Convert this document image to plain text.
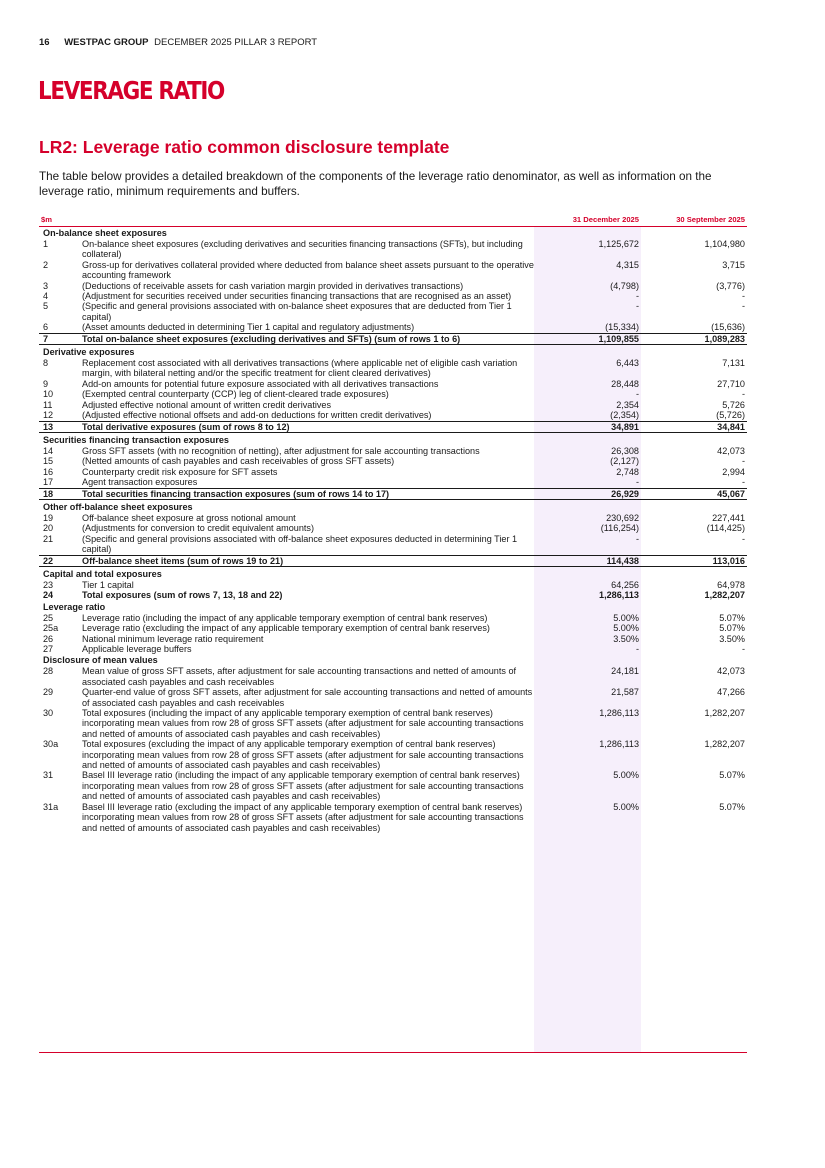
16 WESTPAC GROUP DECEMBER 2025 PILLAR 3 REPORT
LEVERAGE RATIO
LR2: Leverage ratio common disclosure template
The table below provides a detailed breakdown of the components of the leverage ratio denominator, as well as information on the leverage ratio, minimum requirements and buffers.
$m	31 December 2025	30 September 2025
On-balance sheet exposures
1	On-balance sheet exposures (excluding derivatives and securities financing transactions (SFTs), but including collateral)
1,125,672	1,104,980
2	Gross-up for derivatives collateral provided where deducted from balance sheet assets pursuant to the operative accounting framework
4,315	3,715
3	(Deductions of receivable assets for cash variation margin provided in derivatives transactions)	(4,798)	(3,776)
4	(Adjustment for securities received under securities financing transactions that are recognised as an asset)	-	-
5	(Specific and general provisions associated with on-balance sheet exposures that are deducted from Tier 1 capital)
-	-
6	(Asset amounts deducted in determining Tier 1 capital and regulatory adjustments)	(15,334)	(15,636)
7	Total on-balance sheet exposures (excluding derivatives and SFTs) (sum of rows 1 to 6)	1,109,855	1,089,283
Derivative exposures
8	Replacement cost associated with all derivatives transactions (where applicable net of eligible cash variation margin, with bilateral netting and/or the specific treatment for client cleared derivatives)
6,443	7,131
9	Add-on amounts for potential future exposure associated with all derivatives transactions	28,448	27,710
10	(Exempted central counterparty (CCP) leg of client-cleared trade exposures)	-	-
11	Adjusted effective notional amount of written credit derivatives	2,354	5,726
12	(Adjusted effective notional offsets and add-on deductions for written credit derivatives)	(2,354)	(5,726)
13	Total derivative exposures (sum of rows 8 to 12)	34,891	34,841
Securities financing transaction exposures
14	Gross SFT assets (with no recognition of netting), after adjustment for sale accounting transactions	26,308	42,073
15	(Netted amounts of cash payables and cash receivables of gross SFT assets)	(2,127)	-
16	Counterparty credit risk exposure for SFT assets	2,748	2,994
17	Agent transaction exposures	-	-
18	Total securities financing transaction exposures (sum of rows 14 to 17)	26,929	45,067
Other off-balance sheet exposures
19	Off-balance sheet exposure at gross notional amount	230,692	227,441
20	(Adjustments for conversion to credit equivalent amounts)	(116,254)	(114,425)
21	(Specific and general provisions associated with off-balance sheet exposures deducted in determining Tier 1 capital)
-	-
22	Off-balance sheet items (sum of rows 19 to 21)	114,438	113,016
Capital and total exposures
23	Tier 1 capital	64,256	64,978
24	Total exposures (sum of rows 7, 13, 18 and 22)	1,286,113	1,282,207
Leverage ratio
25	Leverage ratio (including the impact of any applicable temporary exemption of central bank reserves)	5.00%	5.07%
25a	Leverage ratio (excluding the impact of any applicable temporary exemption of central bank reserves)	5.00%	5.07%
26	National minimum leverage ratio requirement	3.50%	3.50%
27	Applicable leverage buffers	-	-
Disclosure of mean values
28	Mean value of gross SFT assets, after adjustment for sale accounting transactions and netted of amounts of associated cash payables and cash receivables
24,181	42,073
29	Quarter-end value of gross SFT assets, after adjustment for sale accounting transactions and netted of amounts of associated cash payables and cash receivables
21,587	47,266
30	Total exposures (including the impact of any applicable temporary exemption of central bank reserves) incorporating mean values from row 28 of gross SFT assets (after adjustment for sale accounting transactions and netted of amounts of associated cash payables and cash receivables)
1,286,113	1,282,207
30a	Total exposures (excluding the impact of any applicable temporary exemption of central bank reserves) incorporating mean values from row 28 of gross SFT assets (after adjustment for sale accounting transactions and netted of amounts of associated cash payables and cash receivables)
1,286,113	1,282,207
31	Basel III leverage ratio (including the impact of any applicable temporary exemption of central bank reserves) incorporating mean values from row 28 of gross SFT assets (after adjustment for sale accounting transactions and netted of amounts of associated cash payables and cash receivables)
5.00%	5.07%
31a	Basel III leverage ratio (excluding the impact of any applicable temporary exemption of central bank reserves) incorporating mean values from row 28 of gross SFT assets (after adjustment for sale accounting transactions and netted of amounts of associated cash payables and cash receivables)
5.00%	5.07%
